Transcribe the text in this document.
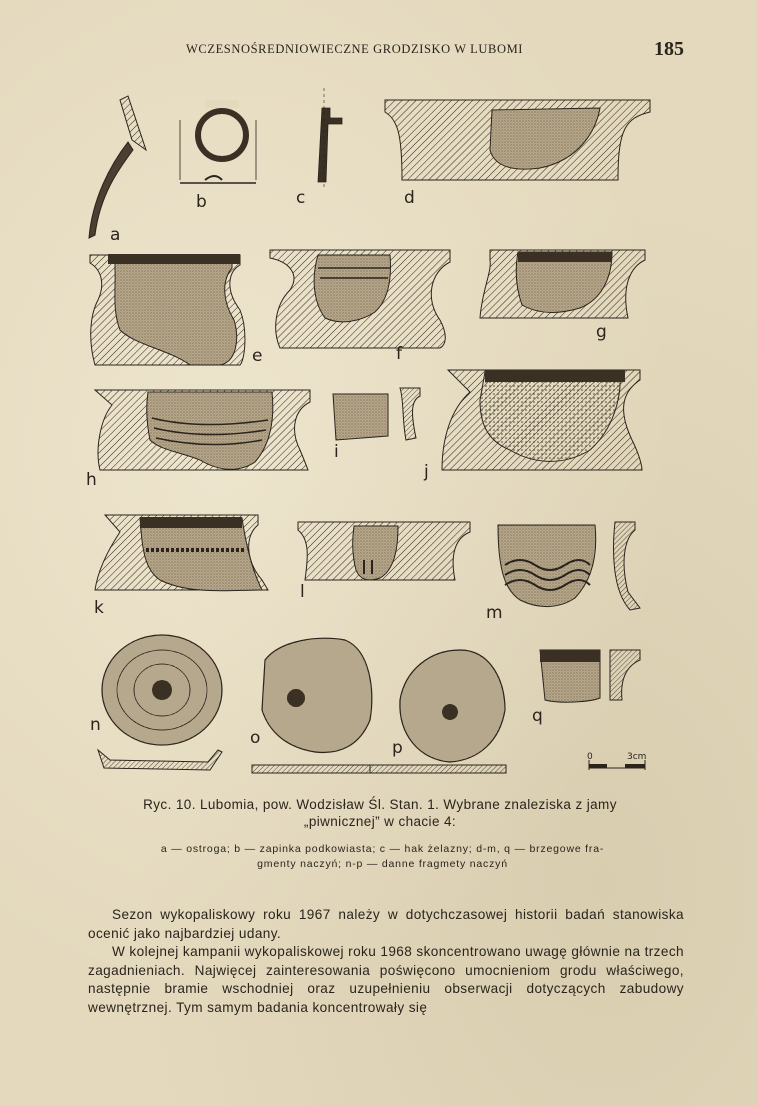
WCZESNOŚREDNIOWIECZNE GRODZISKO W LUBOMI	185
a
b	c	d
e	f
g
h
i
j
k
l
m
n
o	p
q
0	3cm
Ryc. 10. Lubomia, pow. Wodzisław Śl. Stan. 1. Wybrane znaleziska z jamy
„piwnicznej” w chacie 4:
a — ostroga; b — zapinka podkowiasta; c — hak żelazny; d-m, q — brzegowe fra-
gmenty naczyń; n-p — danne fragmety naczyń

Sezon wykopaliskowy roku 1967 należy w dotychczasowej historii badań stanowiska ocenić jako najbardziej udany.

W kolejnej kampanii wykopaliskowej roku 1968 skoncentrowano uwagę głównie na trzech zagadnieniach. Najwięcej zainteresowania poświęcono umocnieniom grodu właściwego, następnie bramie wschodniej oraz uzupełnieniu obserwacji dotyczących zabudowy wewnętrznej. Tym samym badania koncentrowały się
